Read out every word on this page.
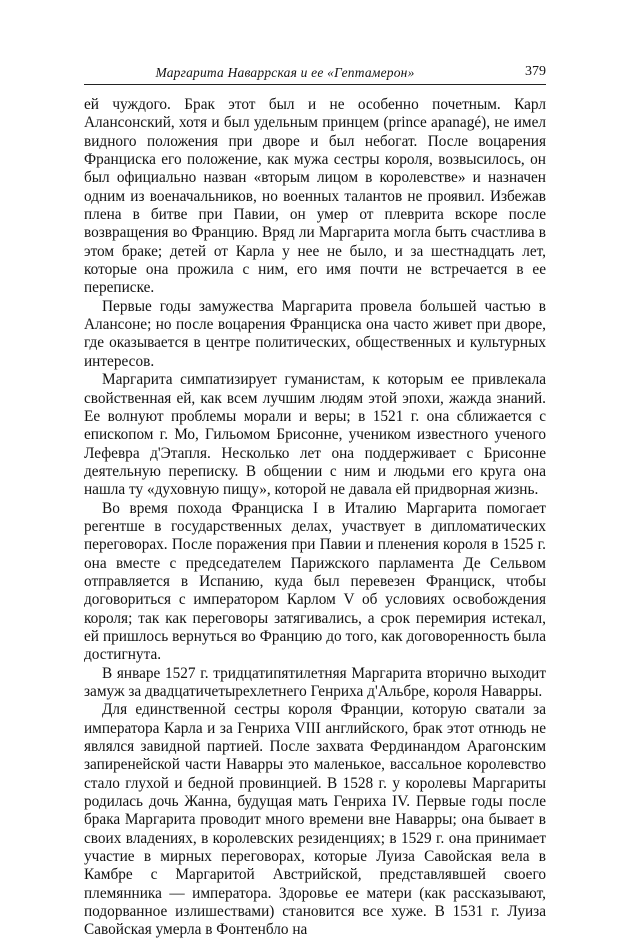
Маргарита Наваррская и ее «Гептамерон»	379

ей чуждого. Брак этот был и не особенно почетным. Карл Алансонский, хотя и был удельным принцем (prince apanagé), не имел видного положения при дворе и был небогат. После воцарения Франциска его положение, как мужа сестры короля, возвысилось, он был официально назван «вторым лицом в королевстве» и назначен одним из военачальников, но военных талантов не проявил. Избежав плена в битве при Павии, он умер от плеврита вскоре после возвращения во Францию. Вряд ли Маргарита могла быть счастлива в этом браке; детей от Карла у нее не было, и за шестнадцать лет, которые она прожила с ним, его имя почти не встречается в ее переписке.

Первые годы замужества Маргарита провела большей частью в Алансоне; но после воцарения Франциска она часто живет при дворе, где оказывается в центре политических, общественных и культурных интересов.

Маргарита симпатизирует гуманистам, к которым ее привлекала свойственная ей, как всем лучшим людям этой эпохи, жажда знаний. Ее волнуют проблемы морали и веры; в 1521 г. она сближается с епископом г. Мо, Гильомом Брисонне, учеником известного ученого Лефевра д'Этапля. Несколько лет она поддерживает с Брисонне деятельную переписку. В общении с ним и людьми его круга она нашла ту «духовную пищу», которой не давала ей придворная жизнь.

Во время похода Франциска I в Италию Маргарита помогает регентше в государственных делах, участвует в дипломатических переговорах. После поражения при Павии и пленения короля в 1525 г. она вместе с председателем Парижского парламента Де Сельвом отправляется в Испанию, куда был перевезен Франциск, чтобы договориться с императором Карлом V об условиях освобождения короля; так как переговоры затягивались, а срок перемирия истекал, ей пришлось вернуться во Францию до того, как договоренность была достигнута.

В январе 1527 г. тридцатипятилетняя Маргарита вторично выходит замуж за двадцатичетырехлетнего Генриха д'Альбре, короля Наварры.

Для единственной сестры короля Франции, которую сватали за императора Карла и за Генриха VIII английского, брак этот отнюдь не являлся завидной партией. После захвата Фердинандом Арагонским запиренейской части Наварры это маленькое, вассальное королевство стало глухой и бедной провинцией. В 1528 г. у королевы Маргариты родилась дочь Жанна, будущая мать Генриха IV. Первые годы после брака Маргарита проводит много времени вне Наварры; она бывает в своих владениях, в королевских резиденциях; в 1529 г. она принимает участие в мирных переговорах, которые Луиза Савойская вела в Камбре с Маргаритой Австрийской, представлявшей своего племянника — императора. Здоровье ее матери (как рассказывают, подорванное излишествами) становится все хуже. В 1531 г. Луиза Савойская умерла в Фонтенбло на
